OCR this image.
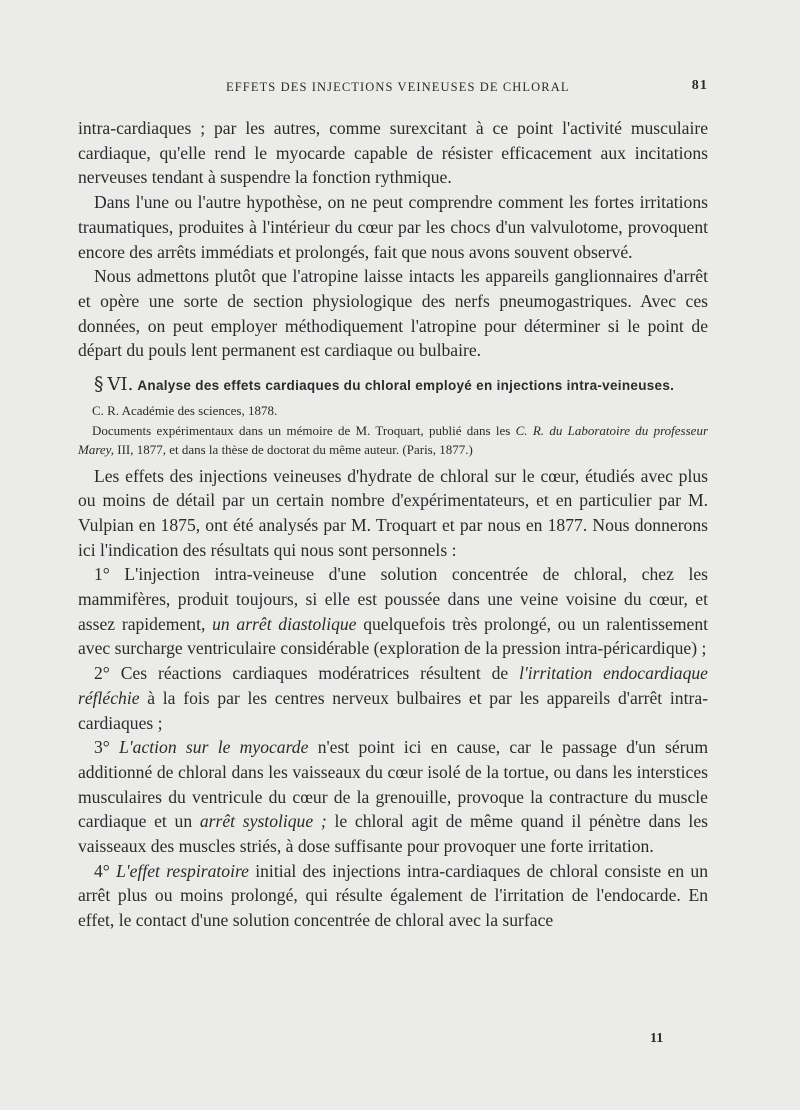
EFFETS DES INJECTIONS VEINEUSES DE CHLORAL	81

intra-cardiaques ; par les autres, comme surexcitant à ce point l'activité musculaire cardiaque, qu'elle rend le myocarde capable de résister efficacement aux incitations nerveuses tendant à suspendre la fonction rythmique.

Dans l'une ou l'autre hypothèse, on ne peut comprendre comment les fortes irritations traumatiques, produites à l'intérieur du cœur par les chocs d'un valvulotome, provoquent encore des arrêts immédiats et prolongés, fait que nous avons souvent observé.

Nous admettons plutôt que l'atropine laisse intacts les appareils ganglionnaires d'arrêt et opère une sorte de section physiologique des nerfs pneumogastriques. Avec ces données, on peut employer méthodiquement l'atropine pour déterminer si le point de départ du pouls lent permanent est cardiaque ou bulbaire.

§ VI. Analyse des effets cardiaques du chloral employé en injections intra-veineuses.

C. R. Académie des sciences, 1878.

Documents expérimentaux dans un mémoire de M. Troquart, publié dans les C. R. du Laboratoire du professeur Marey, III, 1877, et dans la thèse de doctorat du même auteur. (Paris, 1877.)

Les effets des injections veineuses d'hydrate de chloral sur le cœur, étudiés avec plus ou moins de détail par un certain nombre d'expérimentateurs, et en particulier par M. Vulpian en 1875, ont été analysés par M. Troquart et par nous en 1877. Nous donnerons ici l'indication des résultats qui nous sont personnels :

1° L'injection intra-veineuse d'une solution concentrée de chloral, chez les mammifères, produit toujours, si elle est poussée dans une veine voisine du cœur, et assez rapidement, un arrêt diastolique quelquefois très prolongé, ou un ralentissement avec surcharge ventriculaire considérable (exploration de la pression intra-péricardique) ;

2° Ces réactions cardiaques modératrices résultent de l'irritation endocardiaque réfléchie à la fois par les centres nerveux bulbaires et par les appareils d'arrêt intra-cardiaques ;

3° L'action sur le myocarde n'est point ici en cause, car le passage d'un sérum additionné de chloral dans les vaisseaux du cœur isolé de la tortue, ou dans les interstices musculaires du ventricule du cœur de la grenouille, provoque la contracture du muscle cardiaque et un arrêt systolique ; le chloral agit de même quand il pénètre dans les vaisseaux des muscles striés, à dose suffisante pour provoquer une forte irritation.

4° L'effet respiratoire initial des injections intra-cardiaques de chloral consiste en un arrêt plus ou moins prolongé, qui résulte également de l'irritation de l'endocarde. En effet, le contact d'une solution concentrée de chloral avec la surface

11
